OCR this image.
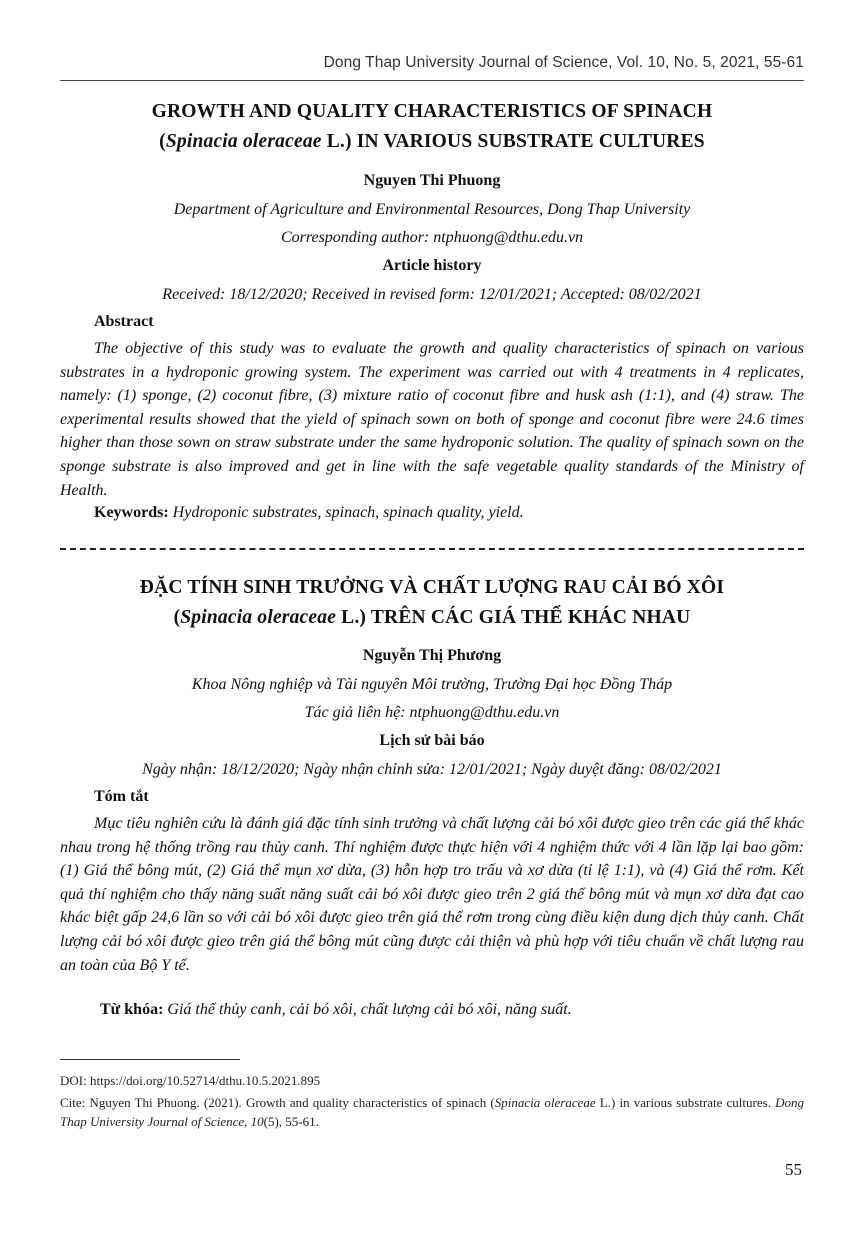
Dong Thap University Journal of Science, Vol. 10, No. 5, 2021, 55-61

GROWTH AND QUALITY CHARACTERISTICS OF SPINACH
(Spinacia oleraceae L.) IN VARIOUS SUBSTRATE CULTURES

Nguyen Thi Phuong

Department of Agriculture and Environmental Resources, Dong Thap University

Corresponding author: ntphuong@dthu.edu.vn

Article history

Received: 18/12/2020; Received in revised form: 12/01/2021; Accepted: 08/02/2021

Abstract

The objective of this study was to evaluate the growth and quality characteristics of spinach on various substrates in a hydroponic growing system. The experiment was carried out with 4 treatments in 4 replicates, namely: (1) sponge, (2) coconut fibre, (3) mixture ratio of coconut fibre and husk ash (1:1), and (4) straw. The experimental results showed that the yield of spinach sown on both of sponge and coconut fibre were 24.6 times higher than those sown on straw substrate under the same hydroponic solution. The quality of spinach sown on the sponge substrate is also improved and get in line with the safe vegetable quality standards of the Ministry of Health.

Keywords: Hydroponic substrates, spinach, spinach quality, yield.

ĐẶC TÍNH SINH TRƯỞNG VÀ CHẤT LƯỢNG RAU CẢI BÓ XÔI
(Spinacia oleraceae L.) TRÊN CÁC GIÁ THỂ KHÁC NHAU

Nguyễn Thị Phương

Khoa Nông nghiệp và Tài nguyên Môi trường, Trường Đại học Đồng Tháp

Tác giả liên hệ: ntphuong@dthu.edu.vn

Lịch sử bài báo

Ngày nhận: 18/12/2020; Ngày nhận chỉnh sửa: 12/01/2021; Ngày duyệt đăng: 08/02/2021

Tóm tắt

Mục tiêu nghiên cứu là đánh giá đặc tính sinh trưởng và chất lượng cải bó xôi được gieo trên các giá thể khác nhau trong hệ thống trồng rau thủy canh. Thí nghiệm được thực hiện với 4 nghiệm thức với 4 lần lặp lại bao gồm: (1) Giá thể bông mút, (2) Giá thể mụn xơ dừa, (3) hỗn hợp tro trấu và xơ dừa (tỉ lệ 1:1), và (4) Giá thể rơm. Kết quả thí nghiệm cho thấy năng suất năng suất cải bó xôi được gieo trên 2 giá thể bông mút và mụn xơ dừa đạt cao khác biệt gấp 24,6 lần so với cải bó xôi được gieo trên giá thể rơm trong cùng điều kiện dung dịch thủy canh. Chất lượng cải bó xôi được gieo trên giá thể bông mút cũng được cải thiện và phù hợp với tiêu chuẩn về chất lượng rau an toàn của Bộ Y tế.

Từ khóa: Giá thể thủy canh, cải bó xôi, chất lượng cải bó xôi, năng suất.

DOI: https://doi.org/10.52714/dthu.10.5.2021.895

Cite: Nguyen Thi Phuong. (2021). Growth and quality characteristics of spinach (Spinacia oleraceae L.) in various substrate cultures. Dong Thap University Journal of Science, 10(5), 55-61.

55
